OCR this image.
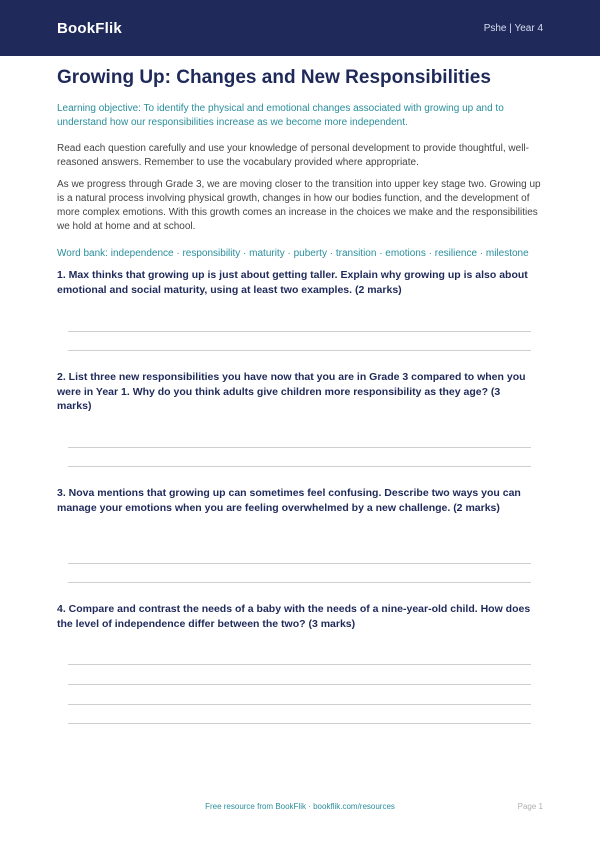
BookFlik	Pshe | Year 4
Growing Up: Changes and New Responsibilities

Learning objective: To identify the physical and emotional changes associated with growing up and to understand how our responsibilities increase as we become more independent.

Read each question carefully and use your knowledge of personal development to provide thoughtful, well-reasoned answers. Remember to use the vocabulary provided where appropriate.

As we progress through Grade 3, we are moving closer to the transition into upper key stage two. Growing up is a natural process involving physical growth, changes in how our bodies function, and the development of more complex emotions. With this growth comes an increase in the choices we make and the responsibilities we hold at home and at school.

Word bank: independence · responsibility · maturity · puberty · transition · emotions · resilience · milestone

1. Max thinks that growing up is just about getting taller. Explain why growing up is also about emotional and social maturity, using at least two examples. (2 marks)
2. List three new responsibilities you have now that you are in Grade 3 compared to when you were in Year 1. Why do you think adults give children more responsibility as they age? (3 marks)
3. Nova mentions that growing up can sometimes feel confusing. Describe two ways you can manage your emotions when you are feeling overwhelmed by a new challenge. (2 marks)
4. Compare and contrast the needs of a baby with the needs of a nine-year-old child. How does the level of independence differ between the two? (3 marks)
Free resource from BookFlik · bookflik.com/resources	Page 1
